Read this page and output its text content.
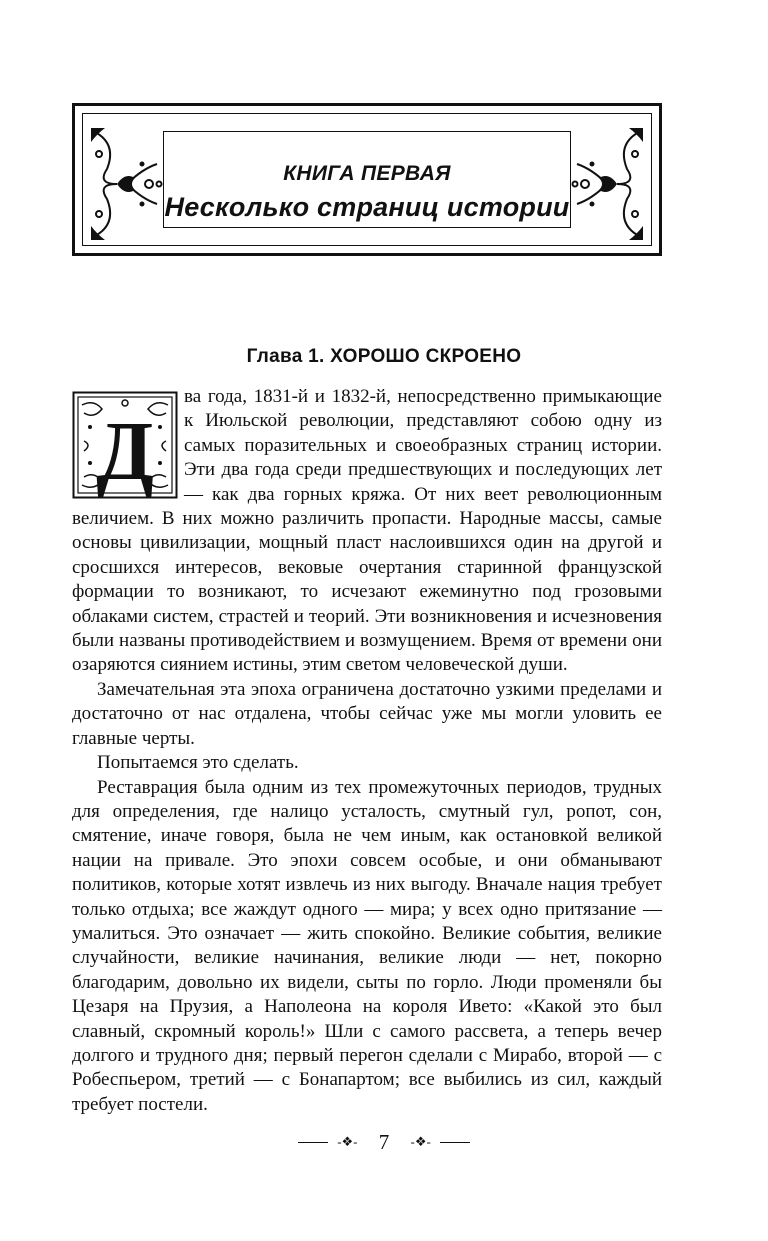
КНИГА ПЕРВАЯ
Несколько страниц истории
Глава 1. ХОРОШО СКРОЕНО
Д

ва года, 1831-й и 1832-й, непосредственно примыкающие к Июльской революции, представляют собою одну из самых поразительных и своеобразных страниц истории. Эти два года среди предшествующих и последующих лет — как два горных кряжа. От них веет революционным величием. В них можно различить пропасти. Народные массы, самые основы цивилизации, мощный пласт наслоившихся один на другой и сросшихся интересов, вековые очертания старинной французской формации то возникают, то исчезают ежеминутно под грозовыми облаками систем, страстей и теорий. Эти возникновения и исчезновения были названы противодействием и возмущением. Время от времени они озаряются сиянием истины, этим светом человеческой души.

Замечательная эта эпоха ограничена достаточно узкими пределами и достаточно от нас отдалена, чтобы сейчас уже мы могли уловить ее главные черты.

Попытаемся это сделать.

Реставрация была одним из тех промежуточных периодов, трудных для определения, где налицо усталость, смутный гул, ропот, сон, смятение, иначе говоря, была не чем иным, как остановкой великой нации на привале. Это эпохи совсем особые, и они обманывают политиков, которые хотят извлечь из них выгоду. Вначале нация требует только отдыха; все жаждут одного — мира; у всех одно притязание — умалиться. Это означает — жить спокойно. Великие события, великие случайности, великие начинания, великие люди — нет, покорно благодарим, довольно их видели, сыты по горло. Люди променяли бы Цезаря на Прузия, а Наполеона на короля Ивето: «Какой это был славный, скромный король!» Шли с самого рассвета, а теперь вечер долгого и трудного дня; первый перегон сделали с Мирабо, второй — с Робеспьером, третий — с Бонапартом; все выбились из сил, каждый требует постели.

-❖- 7 -❖-
